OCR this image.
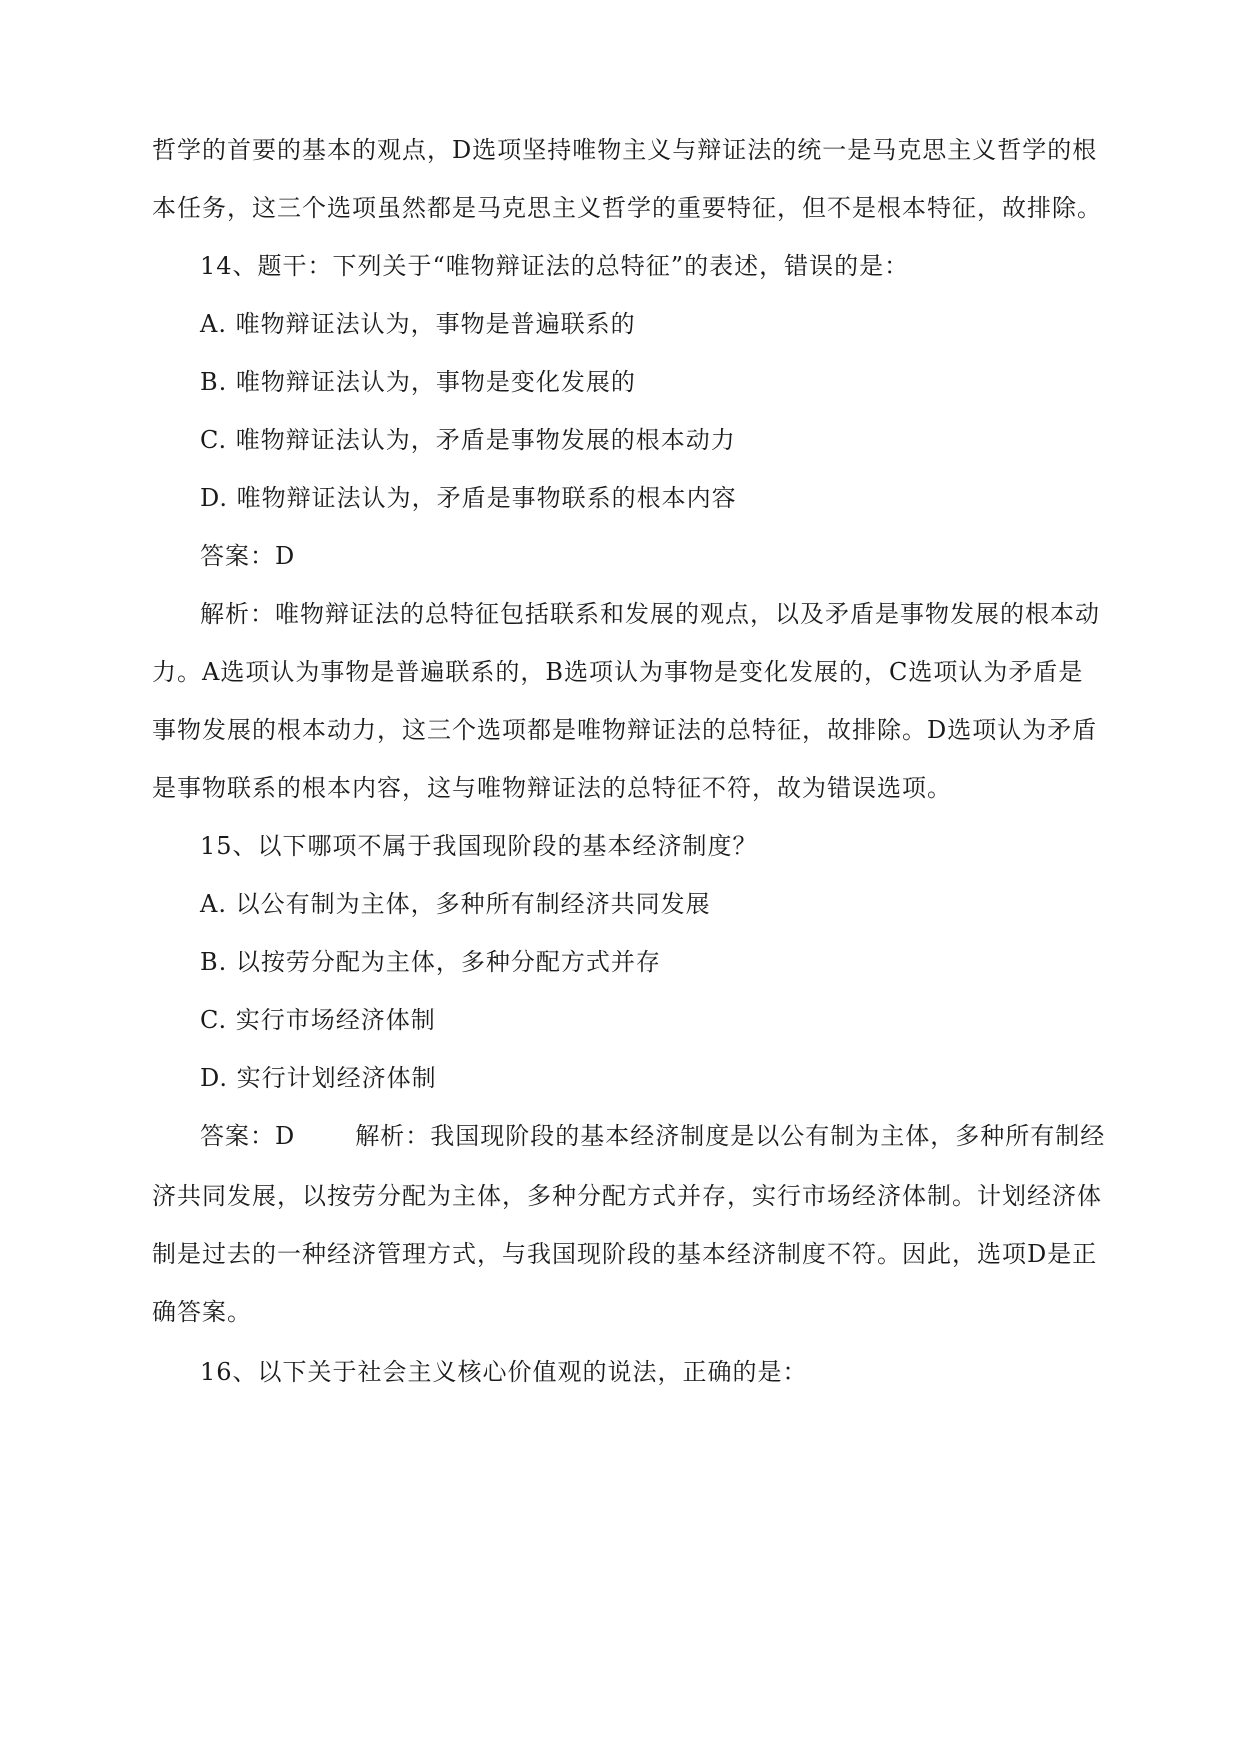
哲学的首要的基本的观点，D选项坚持唯物主义与辩证法的统一是马克思主义哲学的根
本任务，这三个选项虽然都是马克思主义哲学的重要特征，但不是根本特征，故排除。
14、题干：下列关于“唯物辩证法的总特征”的表述，错误的是：
A. 唯物辩证法认为，事物是普遍联系的
B. 唯物辩证法认为，事物是变化发展的
C. 唯物辩证法认为，矛盾是事物发展的根本动力
D. 唯物辩证法认为，矛盾是事物联系的根本内容
答案：D
解析：唯物辩证法的总特征包括联系和发展的观点，以及矛盾是事物发展的根本动
力。A选项认为事物是普遍联系的，B选项认为事物是变化发展的，C选项认为矛盾是
事物发展的根本动力，这三个选项都是唯物辩证法的总特征，故排除。D选项认为矛盾
是事物联系的根本内容，这与唯物辩证法的总特征不符，故为错误选项。
15、以下哪项不属于我国现阶段的基本经济制度？
A. 以公有制为主体，多种所有制经济共同发展
B. 以按劳分配为主体，多种分配方式并存
C. 实行市场经济体制
D. 实行计划经济体制
答案：D	解析：我国现阶段的基本经济制度是以公有制为主体，多种所有制经
济共同发展，以按劳分配为主体，多种分配方式并存，实行市场经济体制。计划经济体
制是过去的一种经济管理方式，与我国现阶段的基本经济制度不符。因此，选项D是正
确答案。
16、以下关于社会主义核心价值观的说法，正确的是：
